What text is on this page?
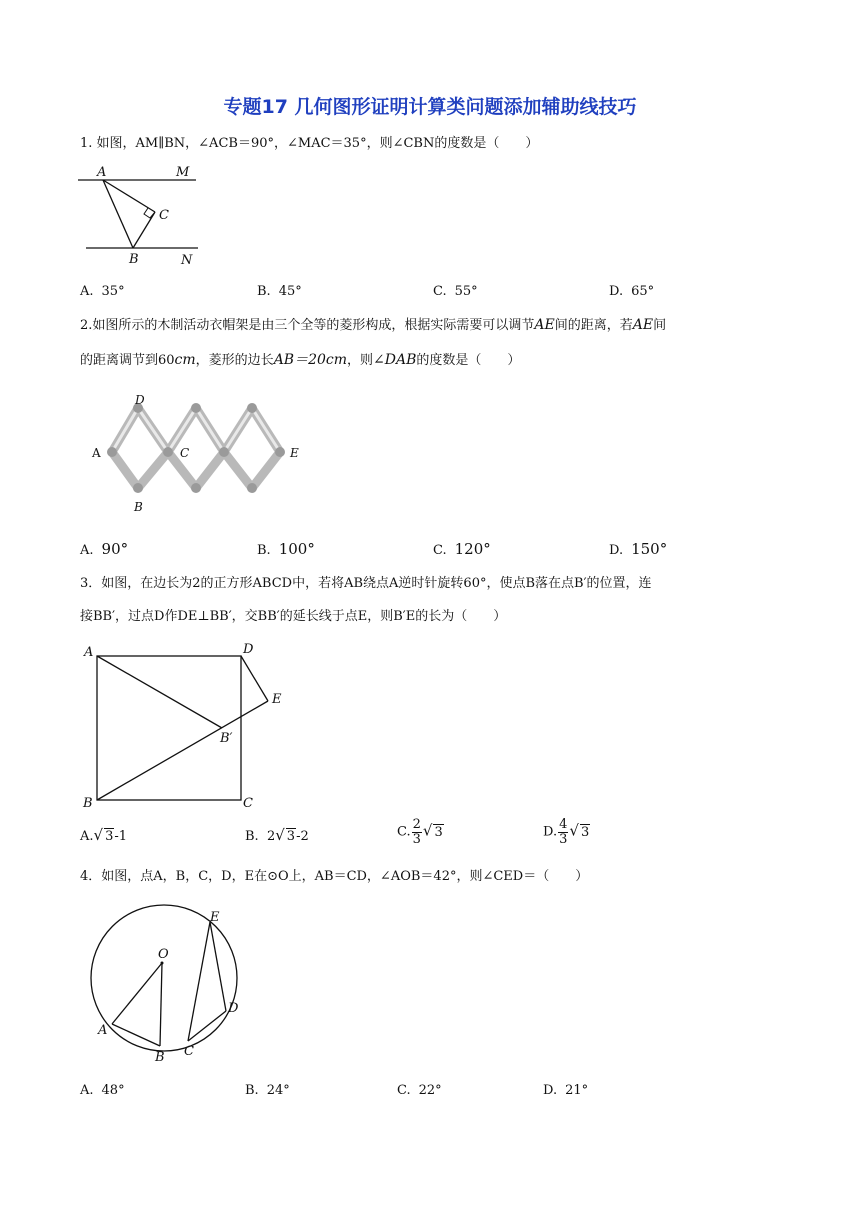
专题17 几何图形证明计算类问题添加辅助线技巧
1. 如图，AM∥BN，∠ACB＝90°，∠MAC＝35°，则∠CBN的度数是（　　）
A	M
C
B	N
A. 35°	B. 45°	C. 55°	D. 65°
2.如图所示的木制活动衣帽架是由三个全等的菱形构成，根据实际需要可以调节AE间的距离，若AE间
的距离调节到60cm，菱形的边长AB＝20cm，则∠DAB的度数是（　　）
D
A	C	E
B
A. 90°	B. 100°	C. 120°	D. 150°
3．如图，在边长为2的正方形ABCD中，若将AB绕点A逆时针旋转60°，使点B落在点B′的位置，连
接BB′，过点D作DE⊥BB′，交BB′的延长线于点E，则B′E的长为（　　）
A	D
E
B′
B	C
A.√ 3-1	B. 2√ 3-2	C. $\frac{2}{3}$ √ 3	D. $\frac{4}{3}$ √ 3
4．如图，点A，B，C，D，E在⊙O上，AB＝CD，∠AOB＝42°，则∠CED＝（　　）
O
E
D
A
B C
A. 48°	B. 24°	C. 22°	D. 21°
